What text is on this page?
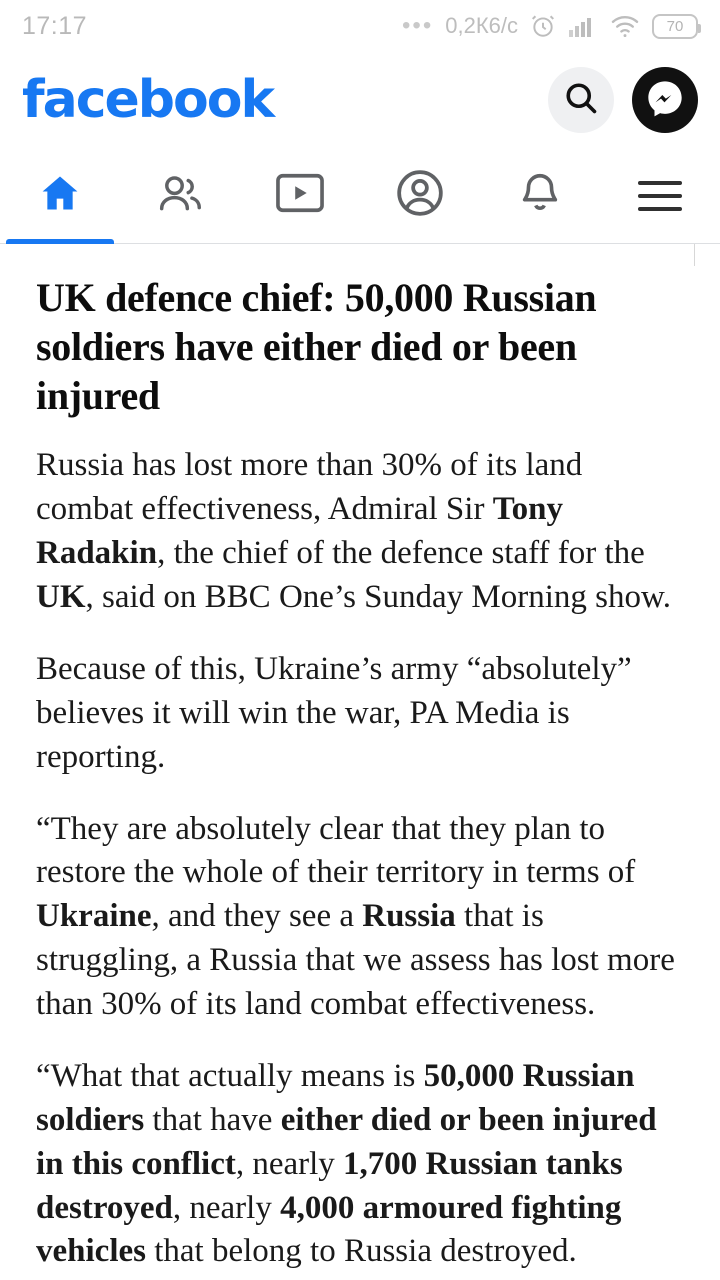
17:17	••• 0,2К6/c	70
facebook
UK defence chief: 50,000 Russian soldiers have either died or been injured

Russia has lost more than 30% of its land combat effectiveness, Admiral Sir Tony Radakin, the chief of the defence staff for the UK, said on BBC One’s Sunday Morning show.

Because of this, Ukraine’s army “absolutely” believes it will win the war, PA Media is reporting.

“They are absolutely clear that they plan to restore the whole of their territory in terms of Ukraine, and they see a Russia that is struggling, a Russia that we assess has lost more than 30% of its land combat effectiveness.

“What that actually means is 50,000 Russian soldiers that have either died or been injured in this conflict, nearly 1,700 Russian tanks destroyed, nearly 4,000 armoured fighting vehicles that belong to Russia destroyed.
